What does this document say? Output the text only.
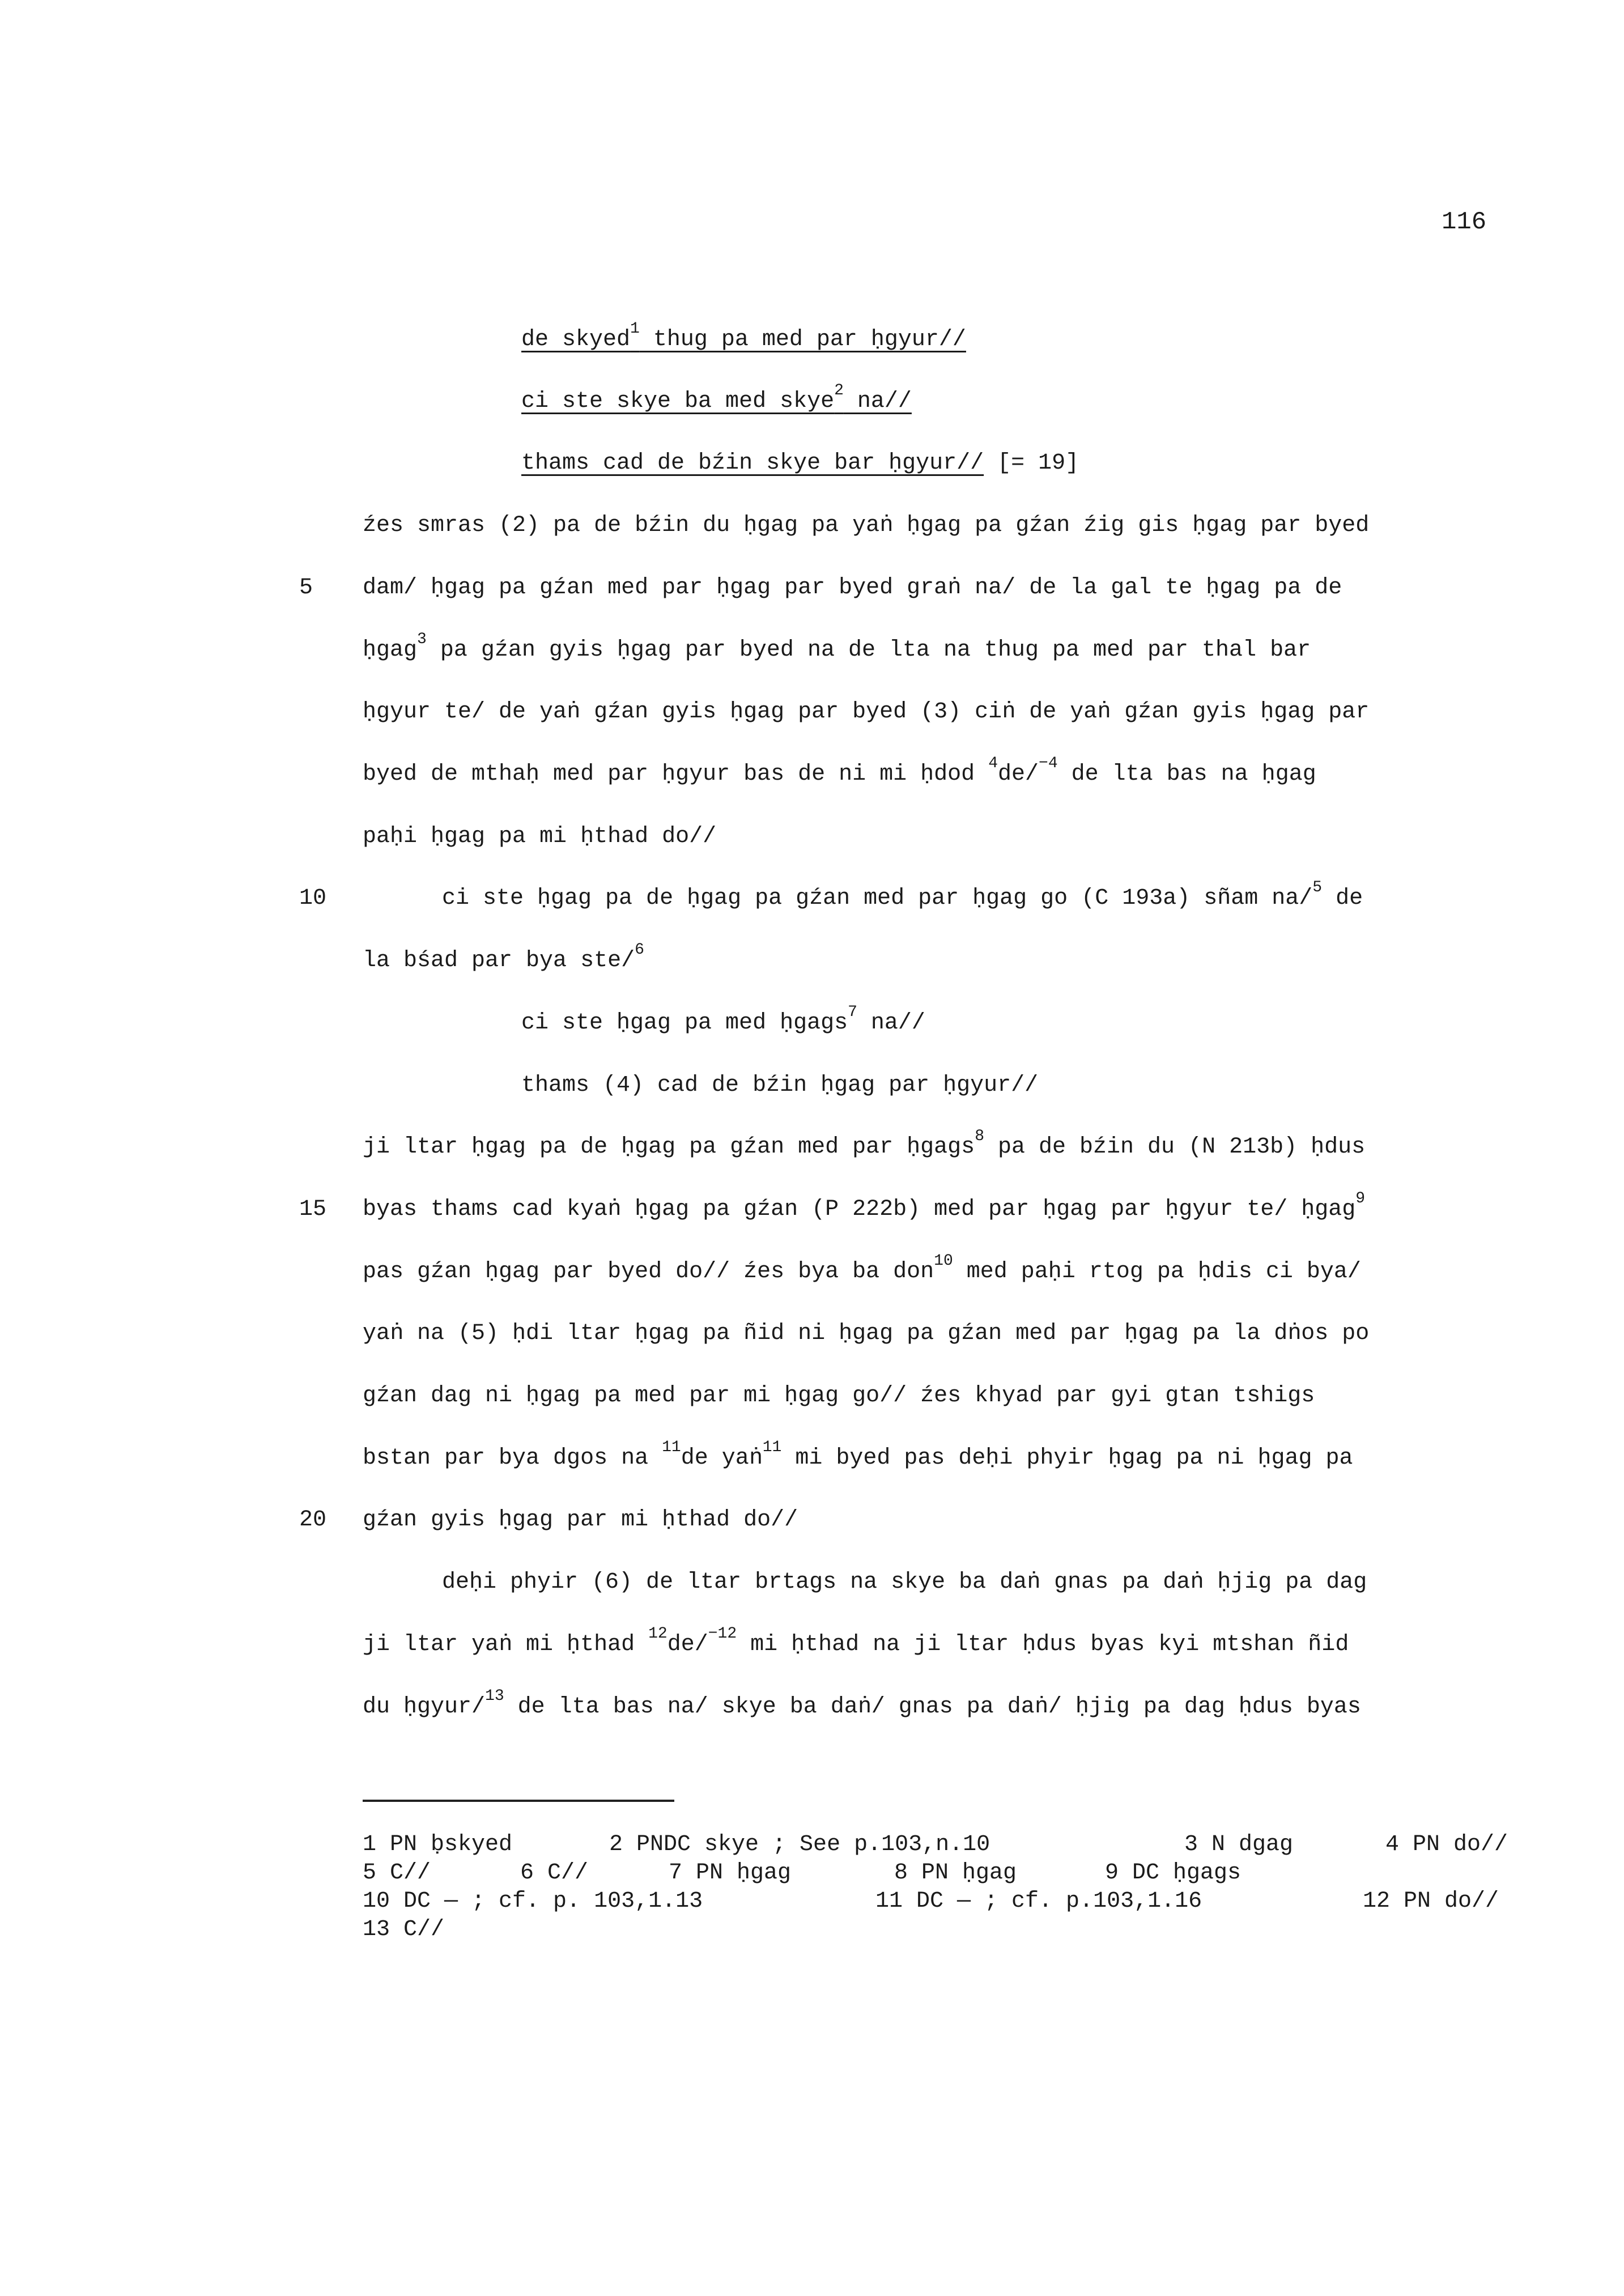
116
de skyed$^1$ thug pa med par ḥgyur//
ci ste skye ba med skye$^2$ na//
thams cad de bźin skye bar ḥgyur// [= 19]
źes smras (2) pa de bźin du ḥgag pa yaṅ ḥgag pa gźan źig gis ḥgag par byed
5 dam/ ḥgag pa gźan med par ḥgag par byed graṅ na/ de la gal te ḥgag pa de
ḥgag$^3$ pa gźan gyis ḥgag par byed na de lta na thug pa med par thal bar
ḥgyur te/ de yaṅ gźan gyis ḥgag par byed (3) ciṅ de yaṅ gźan gyis ḥgag par
byed de mthaḥ med par ḥgyur bas de ni mi ḥdod $^4$de/$^{-4}$ de lta bas na ḥgag
paḥi ḥgag pa mi ḥthad do//
10	ci ste ḥgag pa de ḥgag pa gźan med par ḥgag go (C 193a) sñam na/$^5$ de
la bśad par bya ste/$^6$
ci ste ḥgag pa med ḥgags$^7$ na//
thams (4) cad de bźin ḥgag par ḥgyur//
ji ltar ḥgag pa de ḥgag pa gźan med par ḥgags$^8$ pa de bźin du (N 213b) ḥdus
15 byas thams cad kyaṅ ḥgag pa gźan (P 222b) med par ḥgag par ḥgyur te/ ḥgag$^9$
pas gźan ḥgag par byed do// źes bya ba don$^{10}$ med paḥi rtog pa ḥdis ci bya/
yaṅ na (5) ḥdi ltar ḥgag pa ñid ni ḥgag pa gźan med par ḥgag pa la dṅos po
gźan dag ni ḥgag pa med par mi ḥgag go// źes khyad par gyi gtan tshigs
bstan par bya dgos na $^{11}$de yaṅ$^{11}$ mi byed pas deḥi phyir ḥgag pa ni ḥgag pa
20 gźan gyis ḥgag par mi ḥthad do//
deḥi phyir (6) de ltar brtags na skye ba daṅ gnas pa daṅ ḥjig pa dag
ji ltar yaṅ mi ḥthad $^{12}$de/$^{-12}$ mi ḥthad na ji ltar ḥdus byas kyi mtshan ñid
du ḥgyur/$^{13}$ de lta bas na/ skye ba daṅ/ gnas pa daṅ/ ḥjig pa dag ḥdus byas
1 PN ḅskyed	2 PNDC skye ; See p.103,n.10	3 N dgag	4 PN do//
5 C//	6 C//	7 PN ḥgag	8 PN ḥgag	9 DC ḥgags
10 DC — ; cf. p. 103,1.13	11 DC — ; cf. p.103,1.16	12 PN do//
13 C//
